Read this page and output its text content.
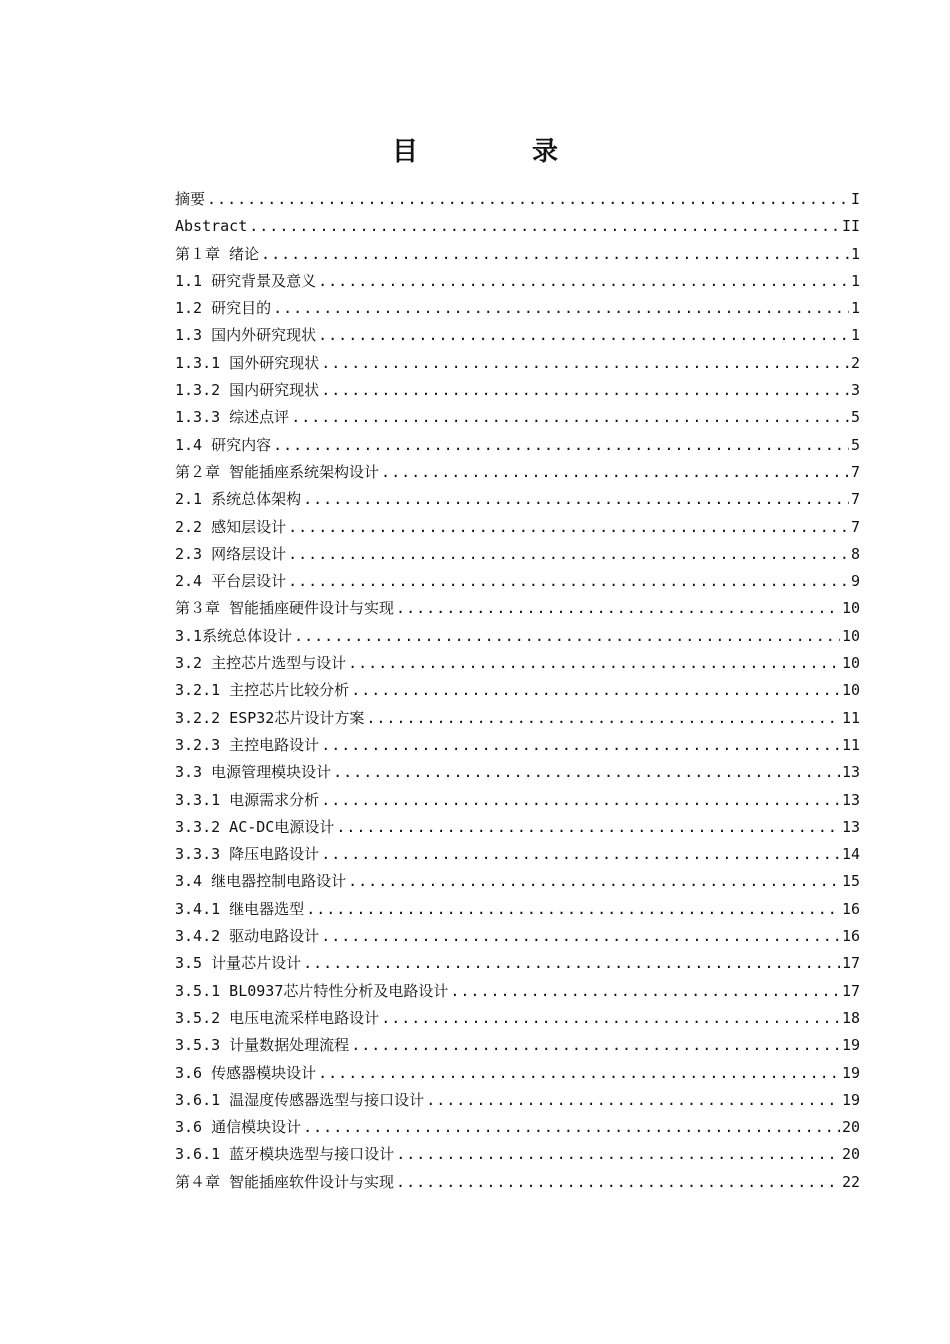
目　录
摘要 .....	I
Abstract .....	II
第１章 绪论 .....	1
1.1 研究背景及意义 .....	1
1.2 研究目的 .....	1
1.3 国内外研究现状 .....	1
1.3.1 国外研究现状 .....	2
1.3.2 国内研究现状 .....	3
1.3.3 综述点评 .....	5
1.4 研究内容 .....	5
第２章 智能插座系统架构设计 .....	7
2.1 系统总体架构 .....	7
2.2 感知层设计 .....	7
2.3 网络层设计 .....	8
2.4 平台层设计 .....	9
第３章 智能插座硬件设计与实现 .....	10
3.1系统总体设计 .....	10
3.2 主控芯片选型与设计 .....	10
3.2.1 主控芯片比较分析 .....	10
3.2.2 ESP32芯片设计方案 .....	11
3.2.3 主控电路设计 .....	11
3.3 电源管理模块设计 .....	13
3.3.1 电源需求分析 .....	13
3.3.2 AC-DC电源设计 .....	13
3.3.3 降压电路设计 .....	14
3.4 继电器控制电路设计 .....	15
3.4.1 继电器选型 .....	16
3.4.2 驱动电路设计 .....	16
3.5 计量芯片设计 .....	17
3.5.1 BL0937芯片特性分析及电路设计 .....	17
3.5.2 电压电流采样电路设计 .....	18
3.5.3 计量数据处理流程 .....	19
3.6 传感器模块设计 .....	19
3.6.1 温湿度传感器选型与接口设计 .....	19
3.6 通信模块设计 .....	20
3.6.1 蓝牙模块选型与接口设计 .....	20
第４章 智能插座软件设计与实现 .....	22
